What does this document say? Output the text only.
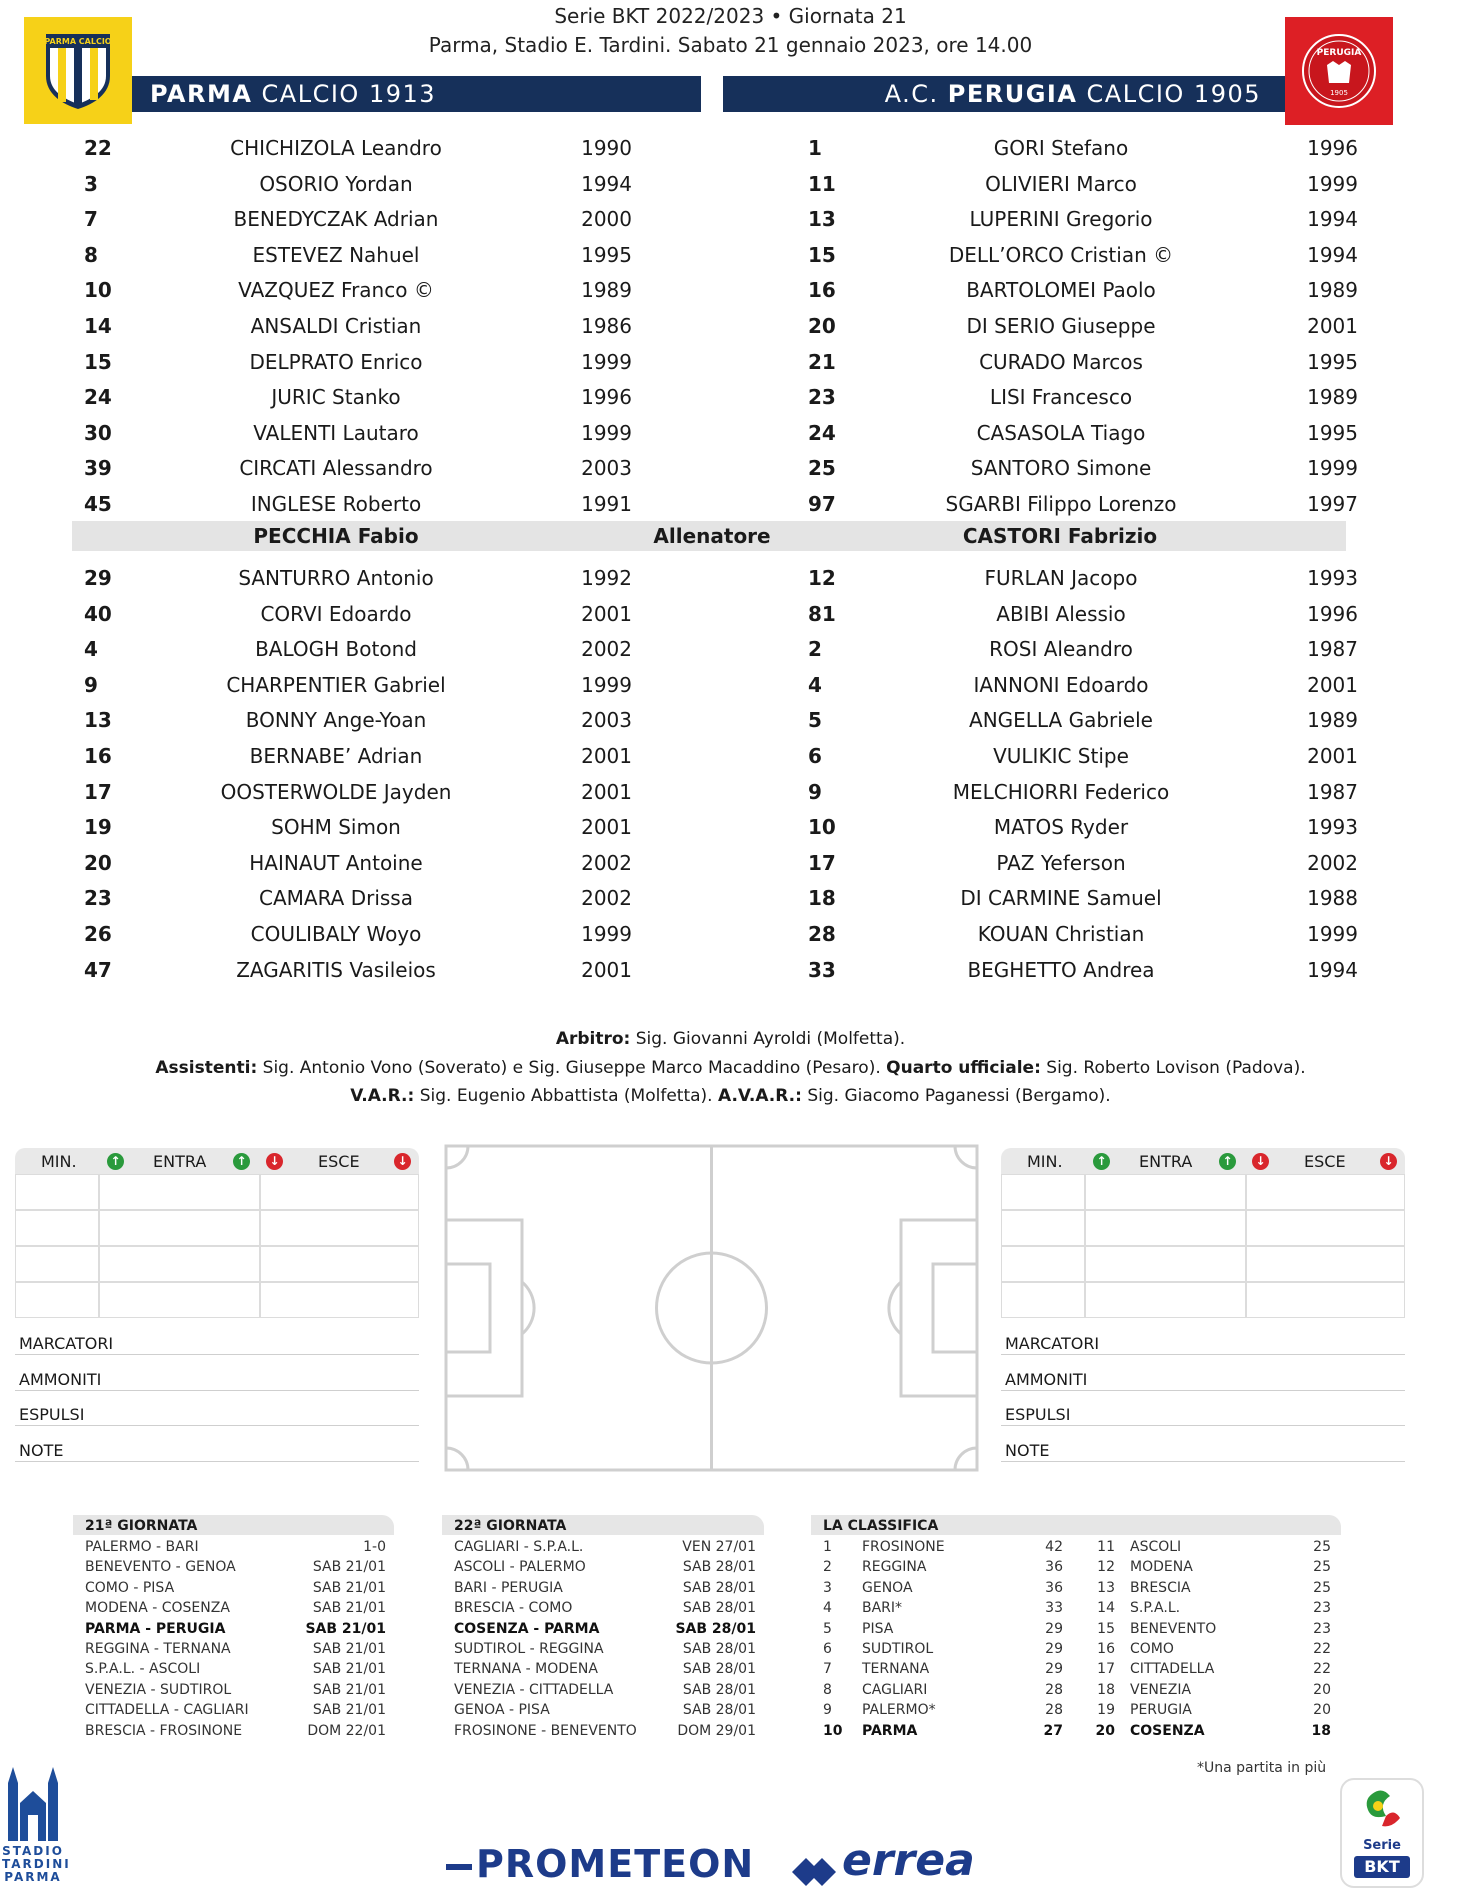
Serie BKT 2022/2023 • Giornata 21
Parma, Stadio E. Tardini. Sabato 21 gennaio 2023, ore 14.00
PARMA CALCIO
PARMA CALCIO 1913	A.C. PERUGIA CALCIO 1905
PERUGIA
1905
22	CHICHIZOLA Leandro	1990
3	OSORIO Yordan	1994
7	BENEDYCZAK Adrian	2000
8	ESTEVEZ Nahuel	1995
10	VAZQUEZ Franco ©	1989
14	ANSALDI Cristian	1986
15	DELPRATO Enrico	1999
24	JURIC Stanko	1996
30	VALENTI Lautaro	1999
39	CIRCATI Alessandro	2003
45	INGLESE Roberto	1991
1	GORI Stefano	1996
11	OLIVIERI Marco	1999
13	LUPERINI Gregorio	1994
15	DELL’ORCO Cristian ©	1994
16	BARTOLOMEI Paolo	1989
20	DI SERIO Giuseppe	2001
21	CURADO Marcos	1995
23	LISI Francesco	1989
24	CASASOLA Tiago	1995
25	SANTORO Simone	1999
97	SGARBI Filippo Lorenzo	1997
PECCHIA Fabio	Allenatore	CASTORI Fabrizio
29	SANTURRO Antonio	1992
40	CORVI Edoardo	2001
4	BALOGH Botond	2002
9	CHARPENTIER Gabriel	1999
13	BONNY Ange-Yoan	2003
16	BERNABE’ Adrian	2001
17	OOSTERWOLDE Jayden	2001
19	SOHM Simon	2001
20	HAINAUT Antoine	2002
23	CAMARA Drissa	2002
26	COULIBALY Woyo	1999
47	ZAGARITIS Vasileios	2001
12	FURLAN Jacopo	1993
81	ABIBI Alessio	1996
2	ROSI Aleandro	1987
4	IANNONI Edoardo	2001
5	ANGELLA Gabriele	1989
6	VULIKIC Stipe	2001
9	MELCHIORRI Federico	1987
10	MATOS Ryder	1993
17	PAZ Yeferson	2002
18	DI CARMINE Samuel	1988
28	KOUAN Christian	1999
33	BEGHETTO Andrea	1994
Arbitro: Sig. Giovanni Ayroldi (Molfetta).
Assistenti: Sig. Antonio Vono (Soverato) e Sig. Giuseppe Marco Macaddino (Pesaro). Quarto ufficiale: Sig. Roberto Lovison (Padova).
V.A.R.: Sig. Eugenio Abbattista (Molfetta). A.V.A.R.: Sig. Giacomo Paganessi (Bergamo).
MIN.	↑ ENTRA	↑ ↓ ESCE	↓	MIN.	↑ ENTRA	↑ ↓ ESCE	↓
MARCATORI
AMMONITI
ESPULSI
NOTE
MARCATORI
AMMONITI
ESPULSI
NOTE
21ª GIORNATA	22ª GIORNATA	LA CLASSIFICA
PALERMO - BARI	1-0
BENEVENTO - GENOA	SAB 21/01
COMO - PISA	SAB 21/01
MODENA - COSENZA	SAB 21/01
PARMA - PERUGIA	SAB 21/01
REGGINA - TERNANA	SAB 21/01
S.P.A.L. - ASCOLI	SAB 21/01
VENEZIA - SUDTIROL	SAB 21/01
CITTADELLA - CAGLIARI	SAB 21/01
BRESCIA - FROSINONE	DOM 22/01
CAGLIARI - S.P.A.L.	VEN 27/01
ASCOLI - PALERMO	SAB 28/01
BARI - PERUGIA	SAB 28/01
BRESCIA - COMO	SAB 28/01
COSENZA - PARMA	SAB 28/01
SUDTIROL - REGGINA	SAB 28/01
TERNANA - MODENA	SAB 28/01
VENEZIA - CITTADELLA	SAB 28/01
GENOA - PISA	SAB 28/01
FROSINONE - BENEVENTO	DOM 29/01
1 FROSINONE	42	11 ASCOLI	25
2 REGGINA	36	12 MODENA	25
3 GENOA	36	13 BRESCIA	25
4 BARI*	33	14 S.P.A.L.	23
5 PISA	29	15 BENEVENTO	23
6 SUDTIROL	29	16 COMO	22
7 TERNANA	29	17 CITTADELLA	22
8 CAGLIARI	28	18 VENEZIA	20
9 PALERMO*	28	19 PERUGIA	20
10 PARMA	27	20 COSENZA	18
*Una partita in più
STADIO
TARDINI
PARMA	PROMETEON	errea	Serie
BKT
